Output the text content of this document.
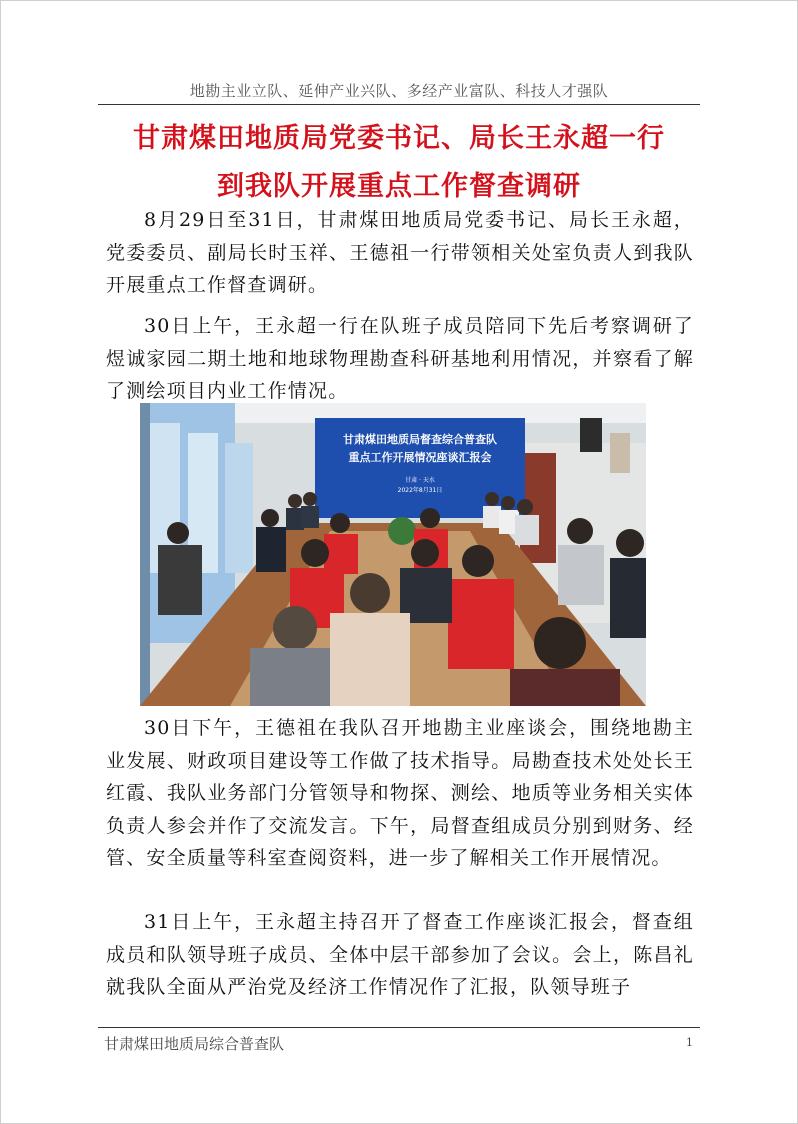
地勘主业立队、延伸产业兴队、多经产业富队、科技人才强队
甘肃煤田地质局党委书记、局长王永超一行
到我队开展重点工作督查调研

8月29日至31日，甘肃煤田地质局党委书记、局长王永超，党委委员、副局长时玉祥、王德祖一行带领相关处室负责人到我队开展重点工作督查调研。

30日上午，王永超一行在队班子成员陪同下先后考察调研了煜诚家园二期土地和地球物理勘查科研基地利用情况，并察看了解了测绘项目内业工作情况。

甘肃煤田地质局督查综合普查队
重点工作开展情况座谈汇报会
甘肃 · 天水
2022年8月31日

30日下午，王德祖在我队召开地勘主业座谈会，围绕地勘主业发展、财政项目建设等工作做了技术指导。局勘查技术处处长王红霞、我队业务部门分管领导和物探、测绘、地质等业务相关实体负责人参会并作了交流发言。下午，局督查组成员分别到财务、经管、安全质量等科室查阅资料，进一步了解相关工作开展情况。

31日上午，王永超主持召开了督查工作座谈汇报会，督查组成员和队领导班子成员、全体中层干部参加了会议。会上，陈昌礼就我队全面从严治党及经济工作情况作了汇报，队领导班子

甘肃煤田地质局综合普查队	1
